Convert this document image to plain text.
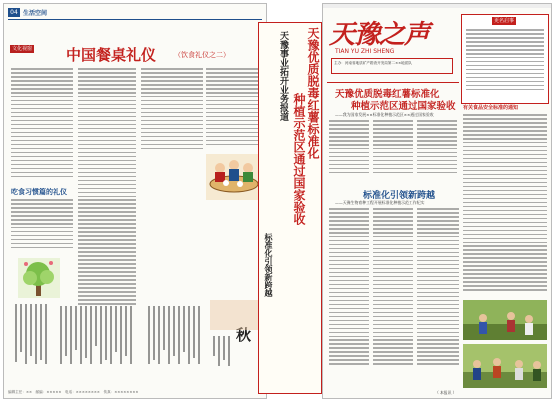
04 生活空间
文化视窗 中国餐桌礼仪	（饮食礼仪之二）
吃食习惯篇的礼仪
秋
编辑主任：××　邮编：×××××　电话：××××××××　传真：××××××××
天豫优质脱毒红薯标准化
种植示范区通过国家验收
天豫事业拓开业务报道
标准化引领新跨越
天豫之声
TIAN YU ZHI SHENG
主办：河南省地质矿产勘查开发局第二××地质队
更名启事
有关食品安全标准的通知
天豫优质脱毒红薯标准化
种植示范区通过国家验收
——我为国家发展××标准化种植示范区××通过国家验收
标准化引领新跨越
——天豫生物育种工程开展标准化种植示范工作纪实
（ 本报讯 ）
